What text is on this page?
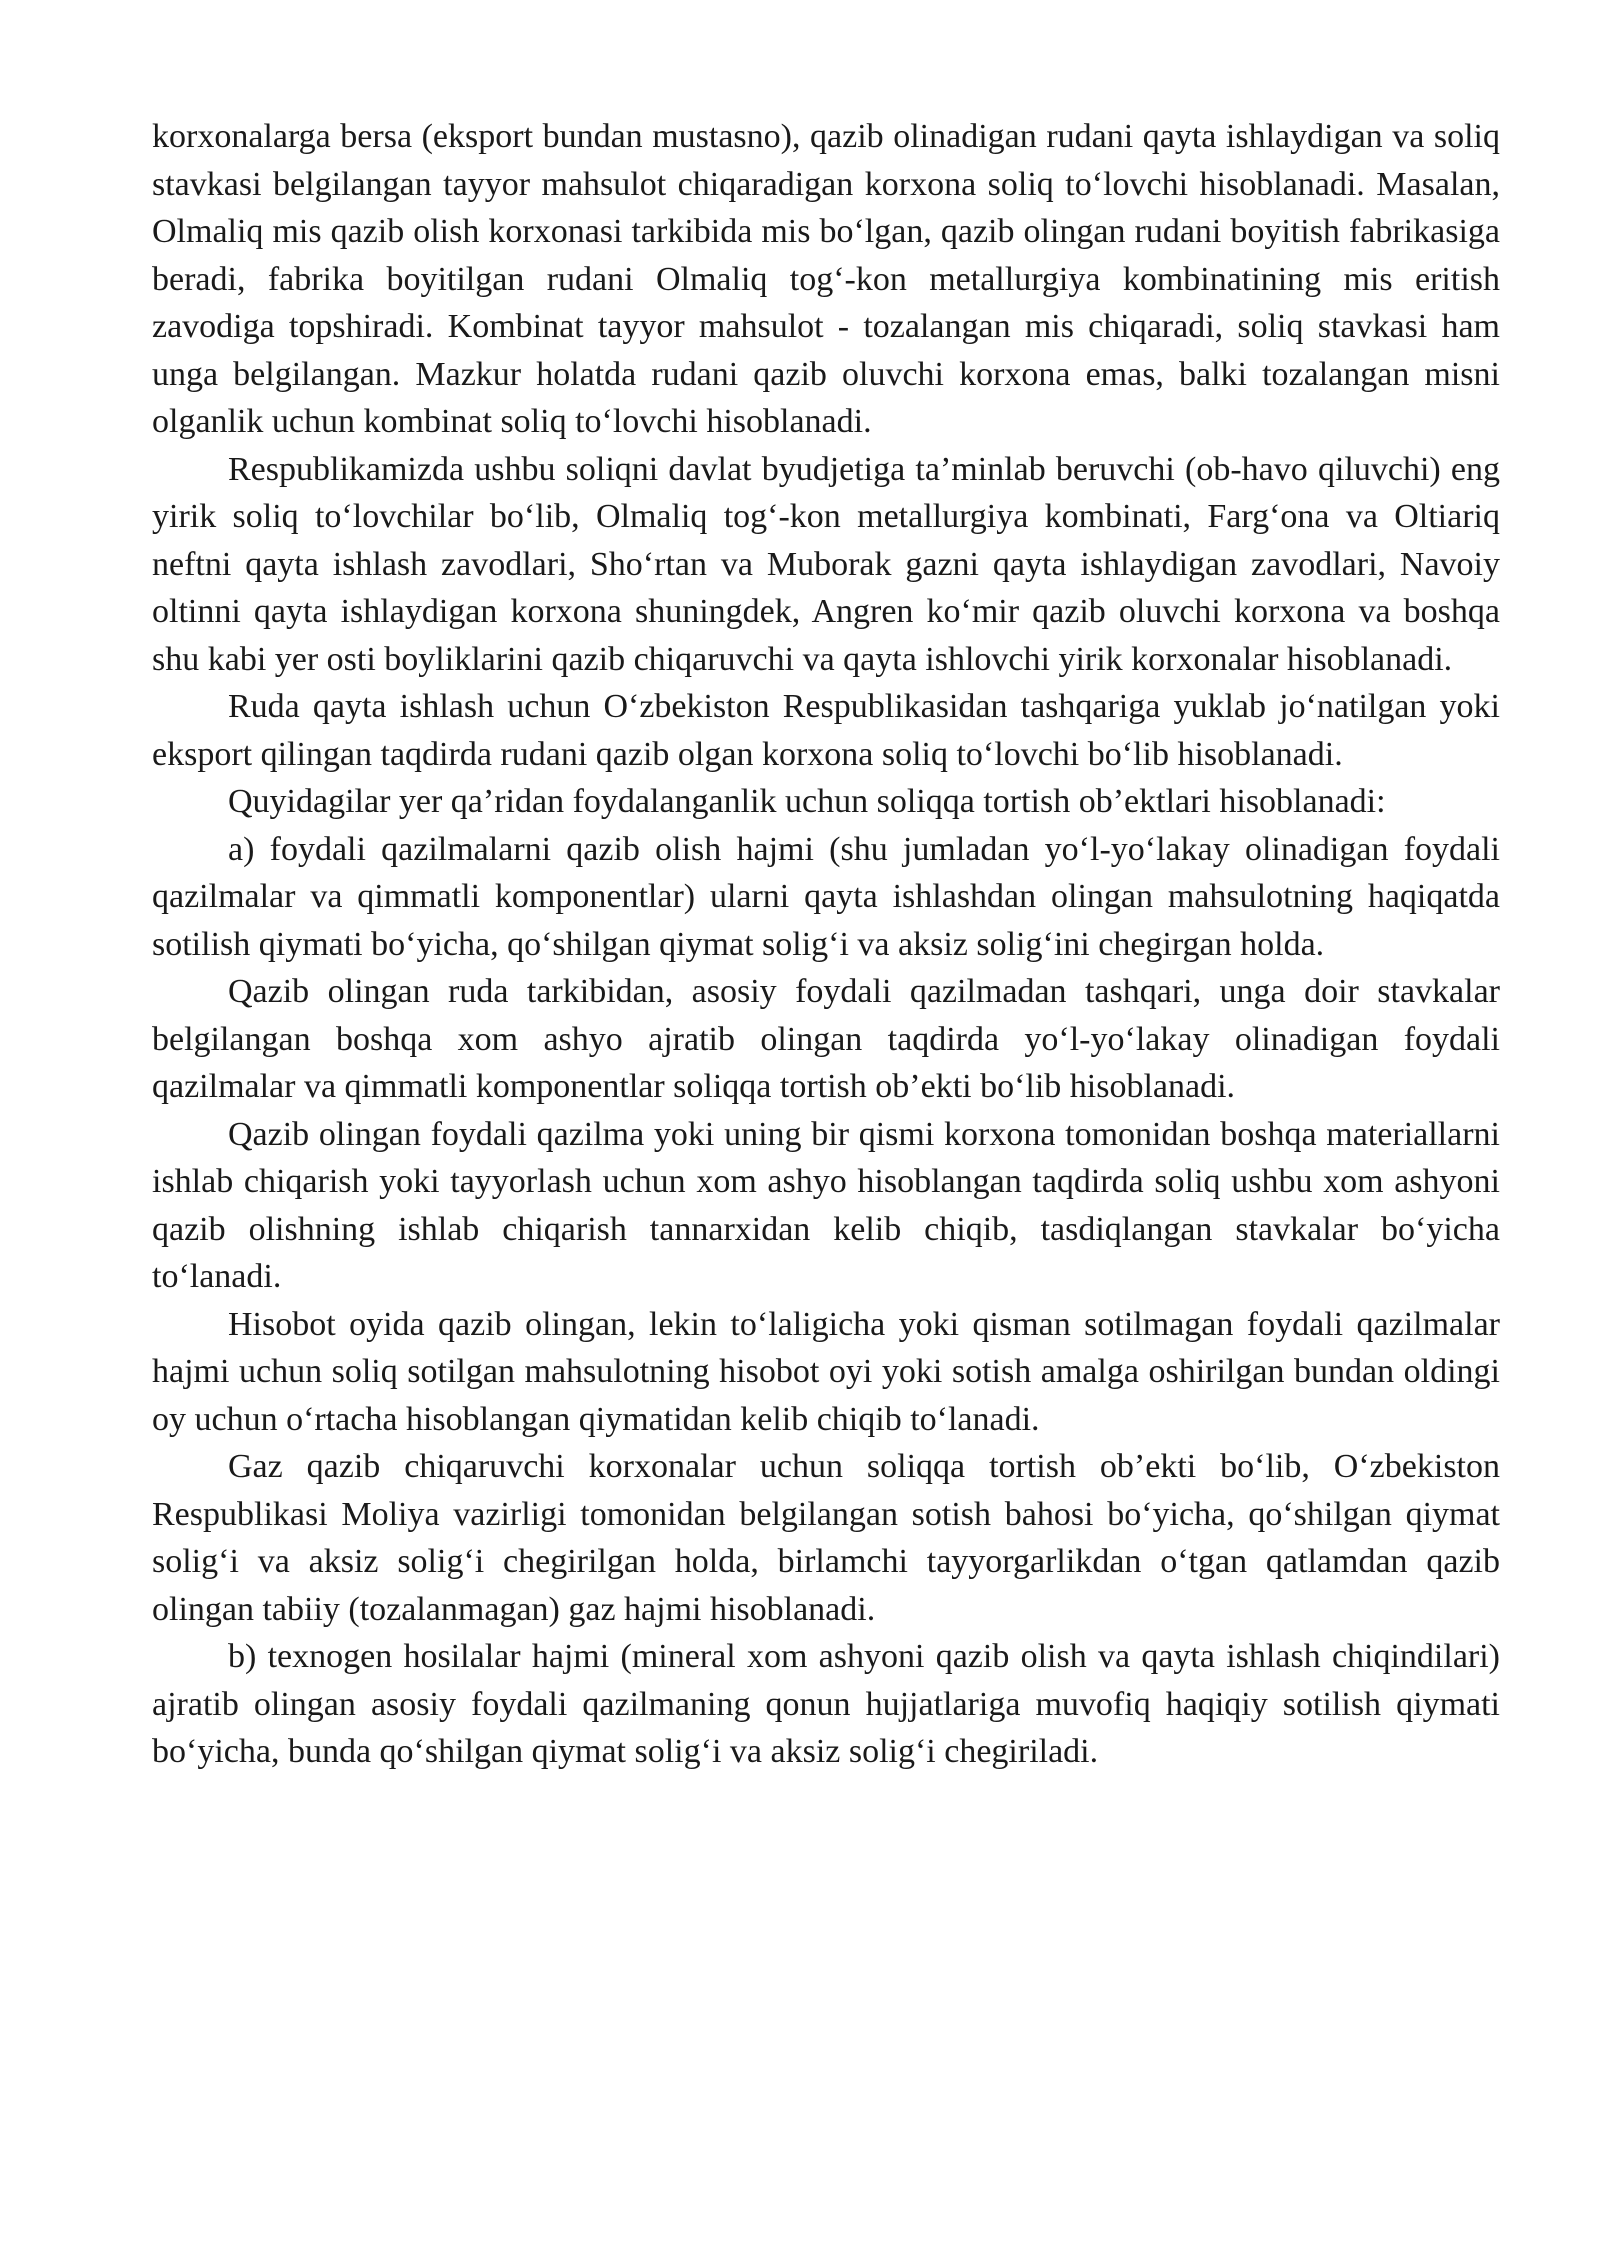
korxonalarga bersa (eksport bundan mustasno), qazib olinadigan rudani qayta ishlaydigan va soliq stavkasi belgilangan tayyor mahsulot chiqaradigan korxona soliq to‘lovchi hisoblanadi. Masalan, Olmaliq mis qazib olish korxonasi tarkibida mis bo‘lgan, qazib olingan rudani boyitish fabrikasiga beradi, fabrika boyitilgan rudani Olmaliq tog‘-kon metallurgiya kombinatining mis eritish zavodiga topshiradi. Kombinat tayyor mahsulot - tozalangan mis chiqaradi, soliq stavkasi ham unga belgilangan. Mazkur holatda rudani qazib oluvchi korxona emas, balki tozalangan misni olganlik uchun kombinat soliq to‘lovchi hisoblanadi.

Respublikamizda ushbu soliqni davlat byudjetiga ta’minlab beruvchi (ob-havo qiluvchi) eng yirik soliq to‘lovchilar bo‘lib, Olmaliq tog‘-kon metallurgiya kombinati, Farg‘ona va Oltiariq neftni qayta ishlash zavodlari, Sho‘rtan va Muborak gazni qayta ishlaydigan zavodlari, Navoiy oltinni qayta ishlaydigan korxona shuningdek, Angren ko‘mir qazib oluvchi korxona va boshqa shu kabi yer osti boyliklarini qazib chiqaruvchi va qayta ishlovchi yirik korxonalar hisoblanadi.

Ruda qayta ishlash uchun O‘zbekiston Respublikasidan tashqariga yuklab jo‘natilgan yoki eksport qilingan taqdirda rudani qazib olgan korxona soliq to‘lovchi bo‘lib hisoblanadi.

Quyidagilar yer qa’ridan foydalanganlik uchun soliqqa tortish ob’ektlari hisoblanadi:

a) foydali qazilmalarni qazib olish hajmi (shu jumladan yo‘l-yo‘lakay olinadigan foydali qazilmalar va qimmatli komponentlar) ularni qayta ishlashdan olingan mahsulotning haqiqatda sotilish qiymati bo‘yicha, qo‘shilgan qiymat solig‘i va aksiz solig‘ini chegirgan holda.

Qazib olingan ruda tarkibidan, asosiy foydali qazilmadan tashqari, unga doir stavkalar belgilangan boshqa xom ashyo ajratib olingan taqdirda yo‘l-yo‘lakay olinadigan foydali qazilmalar va qimmatli komponentlar soliqqa tortish ob’ekti bo‘lib hisoblanadi.

Qazib olingan foydali qazilma yoki uning bir qismi korxona tomonidan boshqa materiallarni ishlab chiqarish yoki tayyorlash uchun xom ashyo hisoblangan taqdirda soliq ushbu xom ashyoni qazib olishning ishlab chiqarish tannarxidan kelib chiqib, tasdiqlangan stavkalar bo‘yicha to‘lanadi.

Hisobot oyida qazib olingan, lekin to‘laligicha yoki qisman sotilmagan foydali qazilmalar hajmi uchun soliq sotilgan mahsulotning hisobot oyi yoki sotish amalga oshirilgan bundan oldingi oy uchun o‘rtacha hisoblangan qiymatidan kelib chiqib to‘lanadi.

Gaz qazib chiqaruvchi korxonalar uchun soliqqa tortish ob’ekti bo‘lib, O‘zbekiston Respublikasi Moliya vazirligi tomonidan belgilangan sotish bahosi bo‘yicha, qo‘shilgan qiymat solig‘i va aksiz solig‘i chegirilgan holda, birlamchi tayyorgarlikdan o‘tgan qatlamdan qazib olingan tabiiy (tozalanmagan) gaz hajmi hisoblanadi.

b) texnogen hosilalar hajmi (mineral xom ashyoni qazib olish va qayta ishlash chiqindilari) ajratib olingan asosiy foydali qazilmaning qonun hujjatlariga muvofiq haqiqiy sotilish qiymati bo‘yicha, bunda qo‘shilgan qiymat solig‘i va aksiz solig‘i chegiriladi.
